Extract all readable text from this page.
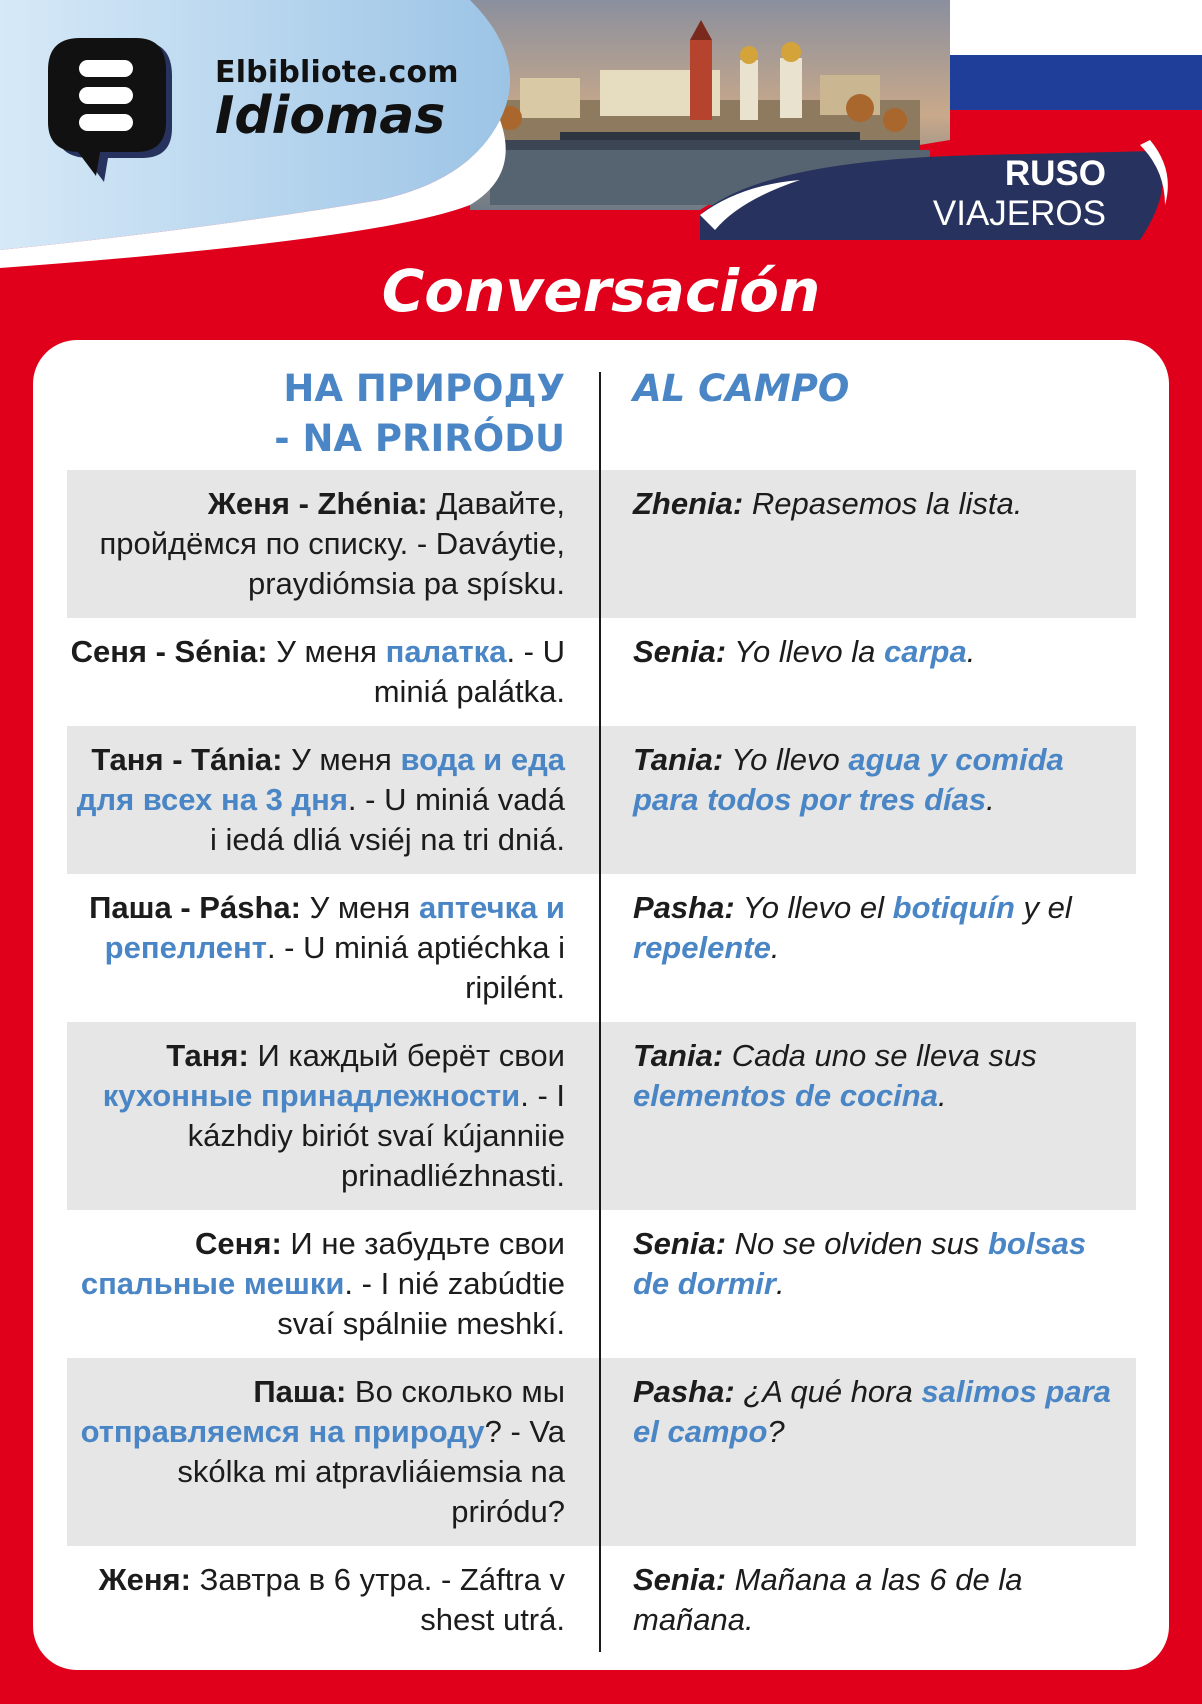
Elbibliote.com
Idiomas
RUSO
VIAJEROS
Conversación
НА ПРИРОДУ
- NA PRIRÓDU
AL CAMPO
Женя - Zhénia: Давайте, пройдёмся по списку. - Daváytie, praydiómsia pa spísku.
Zhenia: Repasemos la lista.
Сеня - Sénia: У меня палатка. - U miniá palátka.
Senia: Yo llevo la carpa.
Таня - Tánia: У меня вода и еда для всех на 3 дня. - U miniá vadá i iedá dliá vsiéj na tri dniá.
Tania: Yo llevo agua y comida para todos por tres días.
Паша - Pásha: У меня аптечка и репеллент. - U miniá aptiéchka i ripilént.
Pasha: Yo llevo el botiquín y el repelente.
Таня: И каждый берёт свои кухонные принадлежности. - I kázhdiy biriót svaí kújanniie prinadliézhnasti.
Tania: Cada uno se lleva sus elementos de cocina.
Сеня: И не забудьте свои спальные мешки. - I nié zabúdtie svaí spálniie meshkí.
Senia: No se olviden sus bolsas de dormir.
Паша: Во сколько мы отправляемся на природу? - Va skólka mi atpravliáiemsia na priródu?
Pasha: ¿A qué hora salimos para el campo?
Женя: Завтра в 6 утра. - Záftra v shest utrá.
Senia: Mañana a las 6 de la mañana.
